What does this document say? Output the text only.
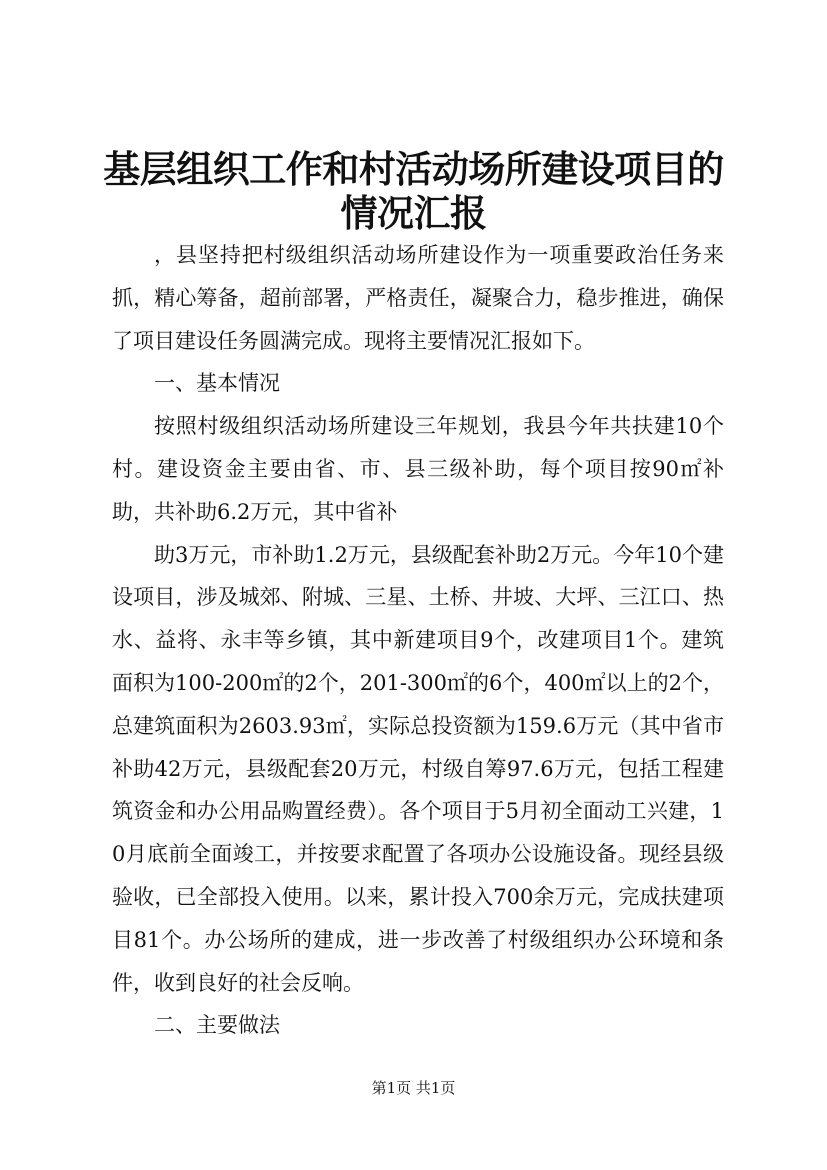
基层组织工作和村活动场所建设项目的情况汇报

，县坚持把村级组织活动场所建设作为一项重要政治任务来抓，精心筹备，超前部署，严格责任，凝聚合力，稳步推进，确保了项目建设任务圆满完成。现将主要情况汇报如下。

一、基本情况

按照村级组织活动场所建设三年规划，我县今年共扶建10个村。建设资金主要由省、市、县三级补助，每个项目按90㎡补助，共补助6.2万元，其中省补

助3万元，市补助1.2万元，县级配套补助2万元。今年10个建设项目，涉及城郊、附城、三星、土桥、井坡、大坪、三江口、热水、益将、永丰等乡镇，其中新建项目9个，改建项目1个。建筑面积为100-200㎡的2个，201-300㎡的6个，400㎡以上的2个，总建筑面积为2603.93㎡，实际总投资额为159.6万元（其中省市补助42万元，县级配套20万元，村级自筹97.6万元，包括工程建筑资金和办公用品购置经费）。各个项目于5月初全面动工兴建，10月底前全面竣工，并按要求配置了各项办公设施设备。现经县级验收，已全部投入使用。以来，累计投入700余万元，完成扶建项目81个。办公场所的建成，进一步改善了村级组织办公环境和条件，收到良好的社会反响。

二、主要做法

第1页 共1页
